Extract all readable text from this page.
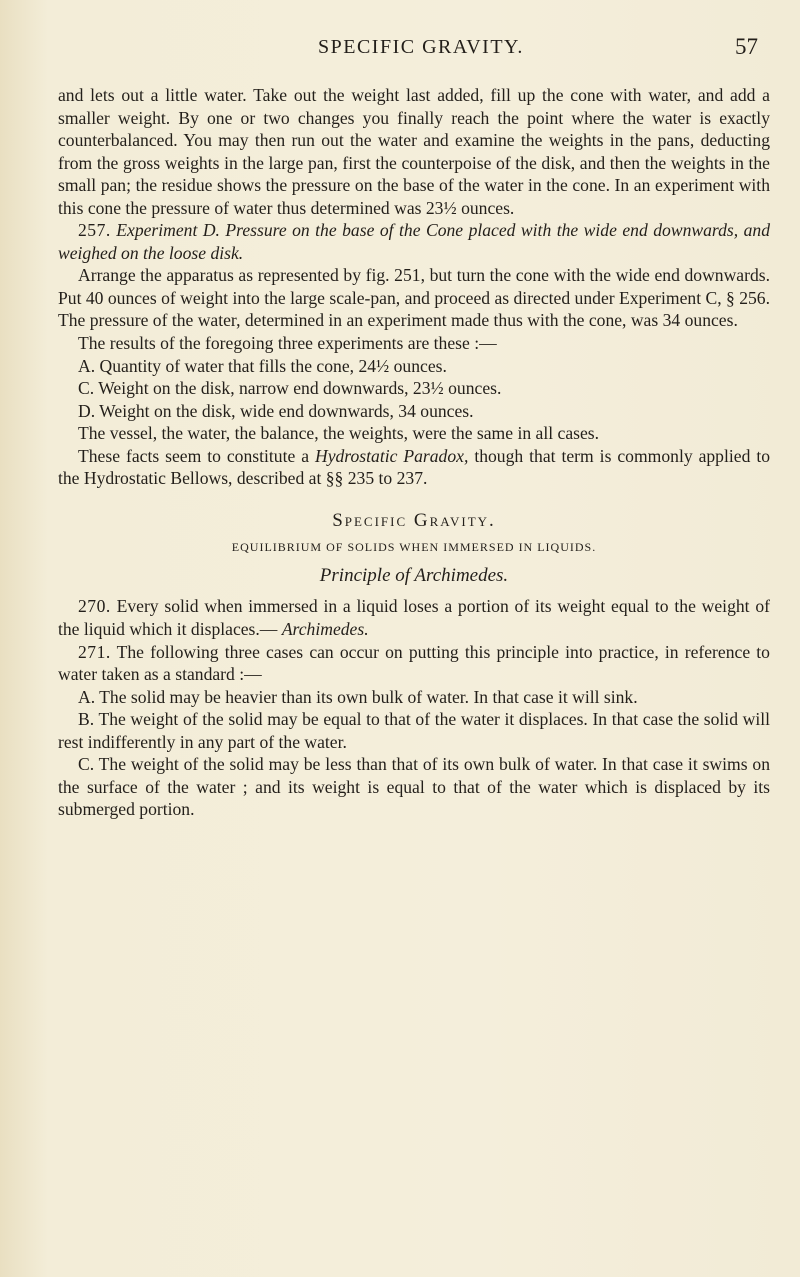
SPECIFIC GRAVITY.	57

and lets out a little water. Take out the weight last added, fill up the cone with water, and add a smaller weight. By one or two changes you finally reach the point where the water is exactly counterbalanced. You may then run out the water and examine the weights in the pans, deducting from the gross weights in the large pan, first the counterpoise of the disk, and then the weights in the small pan; the residue shows the pressure on the base of the water in the cone. In an experiment with this cone the pressure of water thus determined was 23½ ounces.

257. Experiment D. Pressure on the base of the Cone placed with the wide end downwards, and weighed on the loose disk.

Arrange the apparatus as represented by fig. 251, but turn the cone with the wide end downwards. Put 40 ounces of weight into the large scale-pan, and proceed as directed under Experiment C, § 256. The pressure of the water, determined in an experiment made thus with the cone, was 34 ounces.

The results of the foregoing three experiments are these :—

A. Quantity of water that fills the cone, 24½ ounces.

C. Weight on the disk, narrow end downwards, 23½ ounces.

D. Weight on the disk, wide end downwards, 34 ounces.

The vessel, the water, the balance, the weights, were the same in all cases.

These facts seem to constitute a Hydrostatic Paradox, though that term is commonly applied to the Hydrostatic Bellows, described at §§ 235 to 237.

Specific Gravity.
EQUILIBRIUM OF SOLIDS WHEN IMMERSED IN LIQUIDS.
Principle of Archimedes.

270. Every solid when immersed in a liquid loses a portion of its weight equal to the weight of the liquid which it displaces.— Archimedes.

271. The following three cases can occur on putting this principle into practice, in reference to water taken as a standard :—

A. The solid may be heavier than its own bulk of water. In that case it will sink.

B. The weight of the solid may be equal to that of the water it displaces. In that case the solid will rest indifferently in any part of the water.

C. The weight of the solid may be less than that of its own bulk of water. In that case it swims on the surface of the water ; and its weight is equal to that of the water which is displaced by its submerged portion.
